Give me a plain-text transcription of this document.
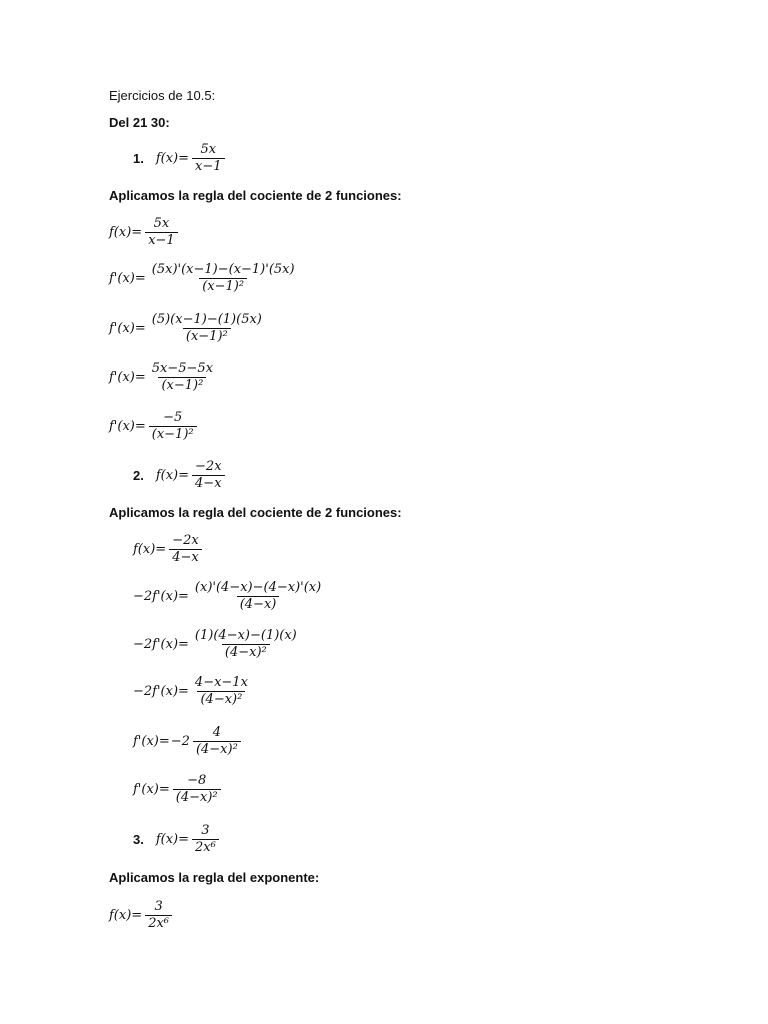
Ejercicios de 10.5:
Del 21 30:
Aplicamos la regla del cociente de 2 funciones:
Aplicamos la regla del cociente de 2 funciones:
Aplicamos la regla del exponente:
1. $f(x)= \frac{5x}{x-1}$
$f(x)= \frac{5x}{x-1}$
$f'(x)= \frac{(5x)'(x-1)-(x-1)'(5x)}{\text{(x−1)²}}$
$f'(x)= \frac{(5)(x-1)-(1)(5x)}{\text{(x−1)²}}$
$f'(x)= \frac{5x-5-5x}{\text{(x−1)²}}$
$f'(x)= \frac{-5}{\text{(x−1)²}}$
2. $f(x)= \frac{-2x}{4-x}$
$f(x)= \frac{-2x}{4-x}$
$-2f'(x)= \frac{(x)'(4-x)-(4-x)'(x)}{(4-x)}$
$-2f'(x)= \frac{(1)(4-x)-(1)(x)}{\text{(4−x)²}}$
$-2f'(x)= \frac{4-x-1x}{\text{(4−x)²}}$
$f'(x)= -2 \frac{4}{\text{(4−x)²}}$
$f'(x)= \frac{-8}{\text{(4−x)²}}$
3. $f(x)= \frac{3}{\text{2x⁶}}$
$f(x)= \frac{3}{\text{2x⁶}}$
